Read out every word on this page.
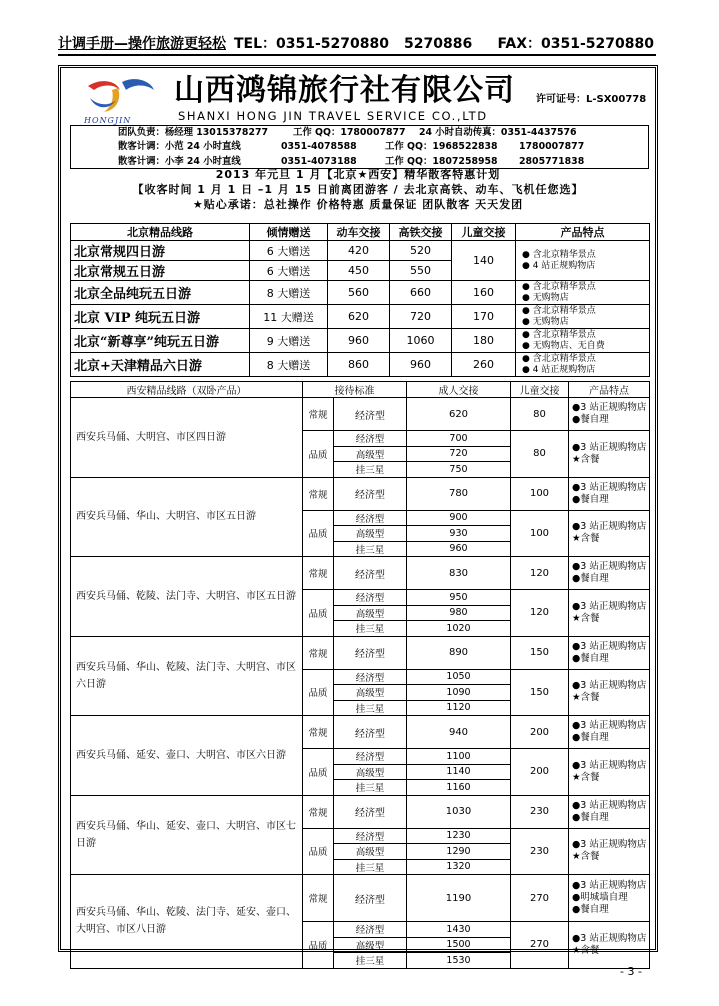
计调手册—操作旅游更轻松 TEL：0351-5270880 5270886 FAX：0351-5270880
HONGJIN
山西鸿锦旅行社有限公司
SHANXI HONG JIN TRAVEL SERVICE CO.,LTD
许可证号：L-SX00778
团队负责：杨经理 13015378277	工作 QQ：1780007877 24 小时自动传真：0351-4437576
散客计调：小范 24 小时直线	0351-4078588	工作 QQ：1968522838 1780007877
散客计调：小李 24 小时直线	0351-4073188	工作 QQ：1807258958 2805771838
2013 年元旦 1 月【北京★西安】精华散客特惠计划
【收客时间 1 月 1 日 –1 月 15 日前离团游客 / 去北京高铁、动车、飞机任您选】
★贴心承诺：总社操作 价格特惠 质量保证 团队散客 天天发团
北京精品线路	倾情赠送	动车交接	高铁交接	儿童交接	产品特点
北京常规四日游	6 大赠送	420	520	140	● 含北京精华景点
● 4 站正规购物店

北京常规五日游	6 大赠送	450	550		
北京全品纯玩五日游	8 大赠送	560	660	160	● 含北京精华景点
● 无购物店

北京 VIP 纯玩五日游	11 大赠送	620	720	170	● 含北京精华景点
● 无购物店

北京“新尊享”纯玩五日游	9 大赠送	960	1060	180	● 含北京精华景点
● 无购物店、无自费

北京+天津精品六日游	8 大赠送	860	960	260	● 含北京精华景点
● 4 站正规购物店
西安精品线路（双卧产品）	接待标准		成人交接	儿童交接	产品特点
西安兵马俑、大明宫、市区四日游	常规	经济型	620	80	●3 站正规购物店
●餐自理

	品质	经济型	700	80	●3 站正规购物店
★含餐

		高级型	720		
		挂三星	750		
西安兵马俑、华山、大明宫、市区五日游	常规	经济型	780	100	●3 站正规购物店
●餐自理

	品质	经济型	900	100	●3 站正规购物店
★含餐

		高级型	930		
		挂三星	960		
西安兵马俑、乾陵、法门寺、大明宫、市区五日游	常规	经济型	830	120	●3 站正规购物店
●餐自理

	品质	经济型	950	120	●3 站正规购物店
★含餐

		高级型	980		
		挂三星	1020		
西安兵马俑、华山、乾陵、法门寺、大明宫、市区六日游	常规	经济型	890	150	●3 站正规购物店
●餐自理

	品质	经济型	1050	150	●3 站正规购物店
★含餐

		高级型	1090		
		挂三星	1120		
西安兵马俑、延安、壶口、大明宫、市区六日游	常规	经济型	940	200	●3 站正规购物店
●餐自理

	品质	经济型	1100	200	●3 站正规购物店
★含餐

		高级型	1140		
		挂三星	1160		
西安兵马俑、华山、延安、壶口、大明宫、市区七日游	常规	经济型	1030	230	●3 站正规购物店
●餐自理

	品质	经济型	1230	230	●3 站正规购物店
★含餐

		高级型	1290		
		挂三星	1320		
西安兵马俑、华山、乾陵、法门寺、延安、壶口、大明宫、市区八日游	常规	经济型	1190	270	●3 站正规购物店
●明城墙自理
●餐自理

	品质	经济型	1430	270	●3 站正规购物店
★含餐

		高级型	1500		
		挂三星	1530		
- 3 -
